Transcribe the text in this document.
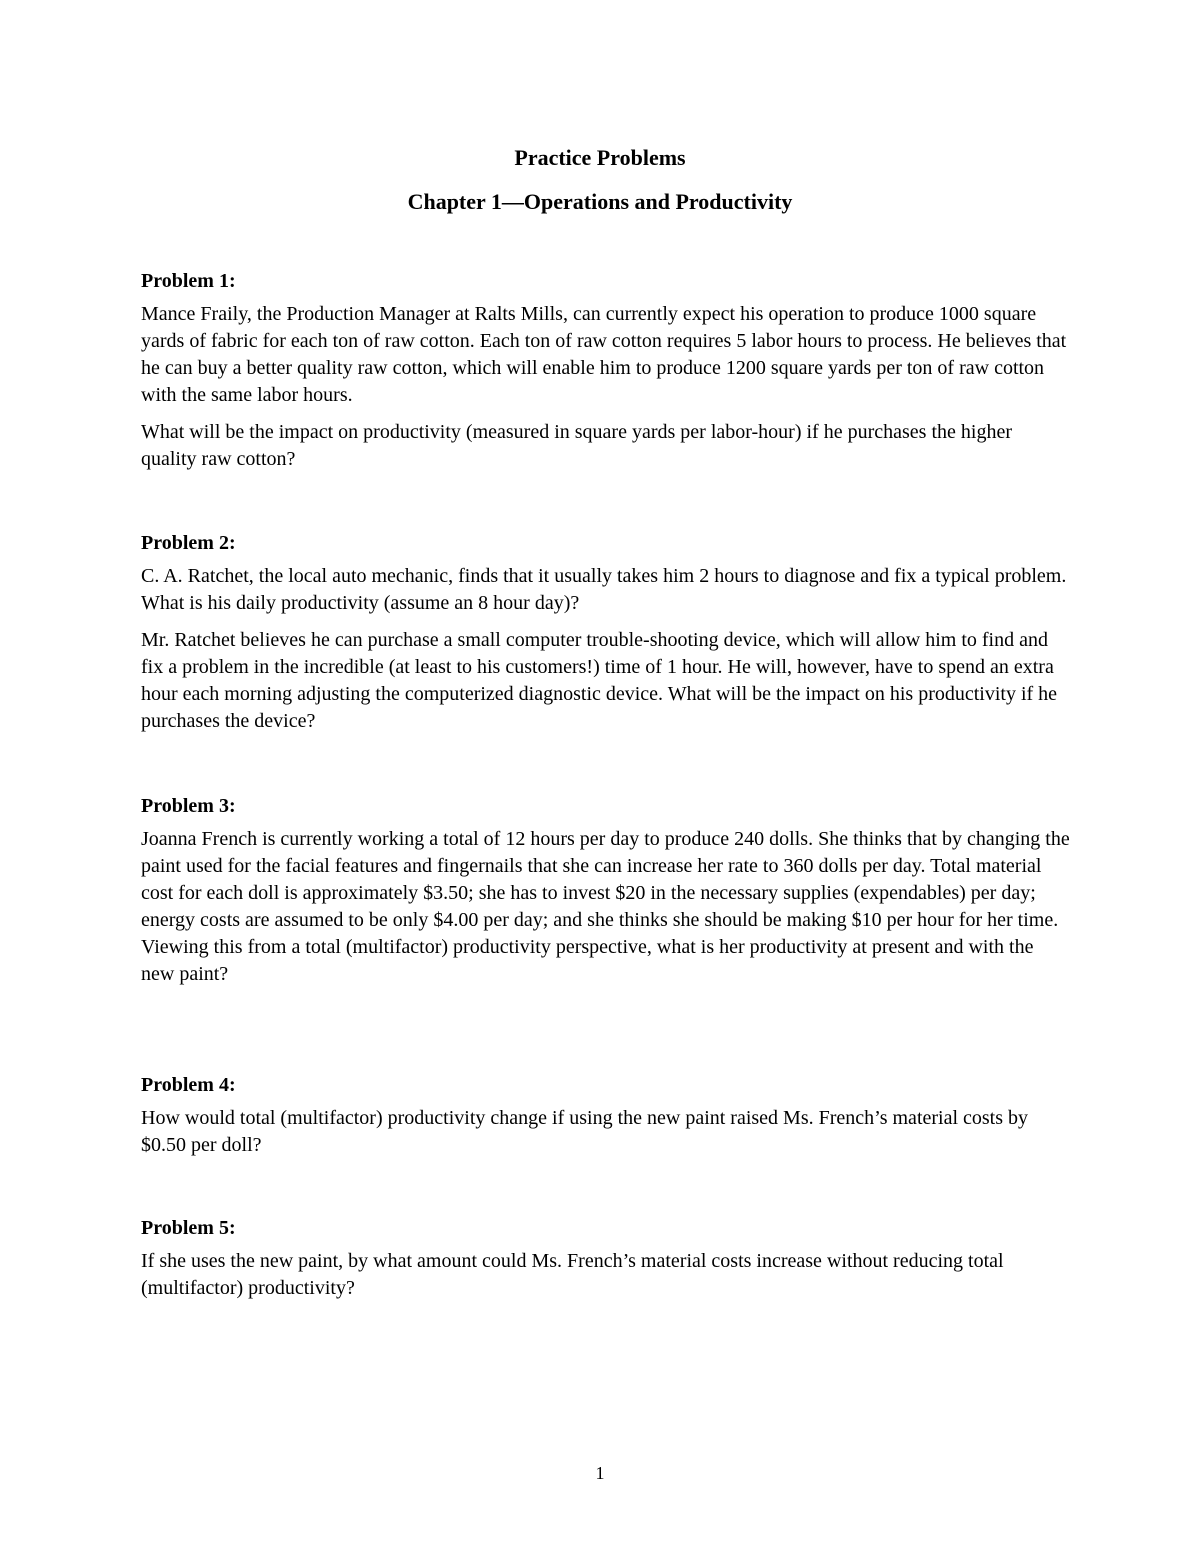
Practice Problems
Chapter 1—Operations and Productivity

Problem 1:

Mance Fraily, the Production Manager at Ralts Mills, can currently expect his operation to produce 1000 square yards of fabric for each ton of raw cotton. Each ton of raw cotton requires 5 labor hours to process. He believes that he can buy a better quality raw cotton, which will enable him to produce 1200 square yards per ton of raw cotton with the same labor hours.

What will be the impact on productivity (measured in square yards per labor-hour) if he purchases the higher quality raw cotton?

Problem 2:

C. A. Ratchet, the local auto mechanic, finds that it usually takes him 2 hours to diagnose and fix a typical problem. What is his daily productivity (assume an 8 hour day)?

Mr. Ratchet believes he can purchase a small computer trouble-shooting device, which will allow him to find and fix a problem in the incredible (at least to his customers!) time of 1 hour. He will, however, have to spend an extra hour each morning adjusting the computerized diagnostic device. What will be the impact on his productivity if he purchases the device?

Problem 3:

Joanna French is currently working a total of 12 hours per day to produce 240 dolls. She thinks that by changing the paint used for the facial features and fingernails that she can increase her rate to 360 dolls per day. Total material cost for each doll is approximately $3.50; she has to invest $20 in the necessary supplies (expendables) per day; energy costs are assumed to be only $4.00 per day; and she thinks she should be making $10 per hour for her time. Viewing this from a total (multifactor) productivity perspective, what is her productivity at present and with the new paint?

Problem 4:

How would total (multifactor) productivity change if using the new paint raised Ms. French’s material costs by $0.50 per doll?

Problem 5:

If she uses the new paint, by what amount could Ms. French’s material costs increase without reducing total (multifactor) productivity?

1
